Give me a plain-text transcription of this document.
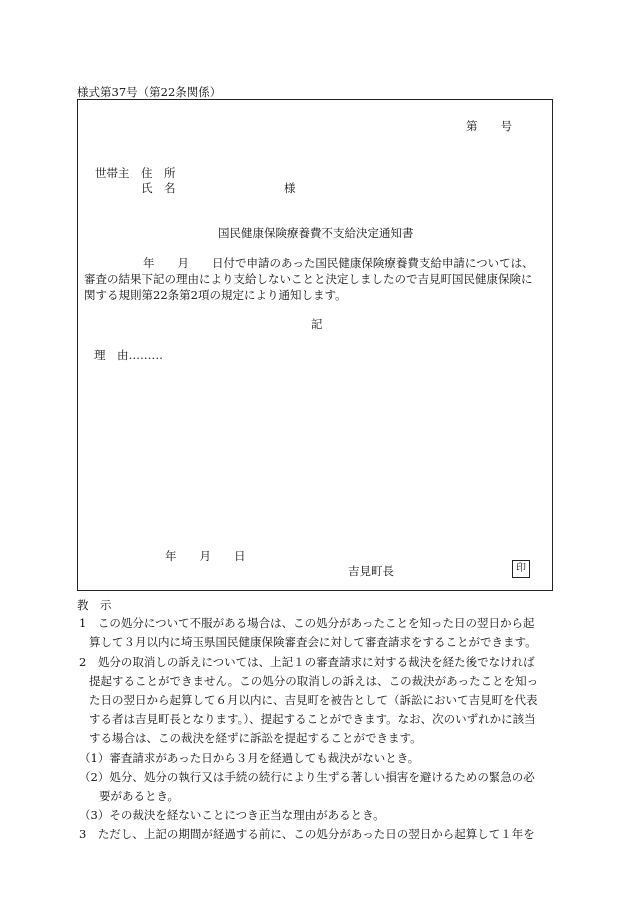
様式第37号（第22条関係）
第　　号
世帯主　住　所
氏　名	様
国民健康保険療養費不支給決定通知書
年　　月　　日付で申請のあった国民健康保険療養費支給申請については、
審査の結果下記の理由により支給しないことと決定しましたので吉見町国民健康保険に
関する規則第22条第2項の規定により通知します。
記
理　由………
年　　月　　日
吉見町長	印
教　示
1　この処分について不服がある場合は、この処分があったことを知った日の翌日から起
算して３月以内に埼玉県国民健康保険審査会に対して審査請求をすることができます。
2　処分の取消しの訴えについては、上記１の審査請求に対する裁決を経た後でなければ
提起することができません。この処分の取消しの訴えは、この裁決があったことを知っ
た日の翌日から起算して６月以内に、吉見町を被告として（訴訟において吉見町を代表
する者は吉見町長となります。）、提起することができます。なお、次のいずれかに該当
する場合は、この裁決を経ずに訴訟を提起することができます。
（1）審査請求があった日から３月を経過しても裁決がないとき。
（2）処分、処分の執行又は手続の続行により生ずる著しい損害を避けるための緊急の必
要があるとき。
（3）その裁決を経ないことにつき正当な理由があるとき。
3　ただし、上記の期間が経過する前に、この処分があった日の翌日から起算して１年を
